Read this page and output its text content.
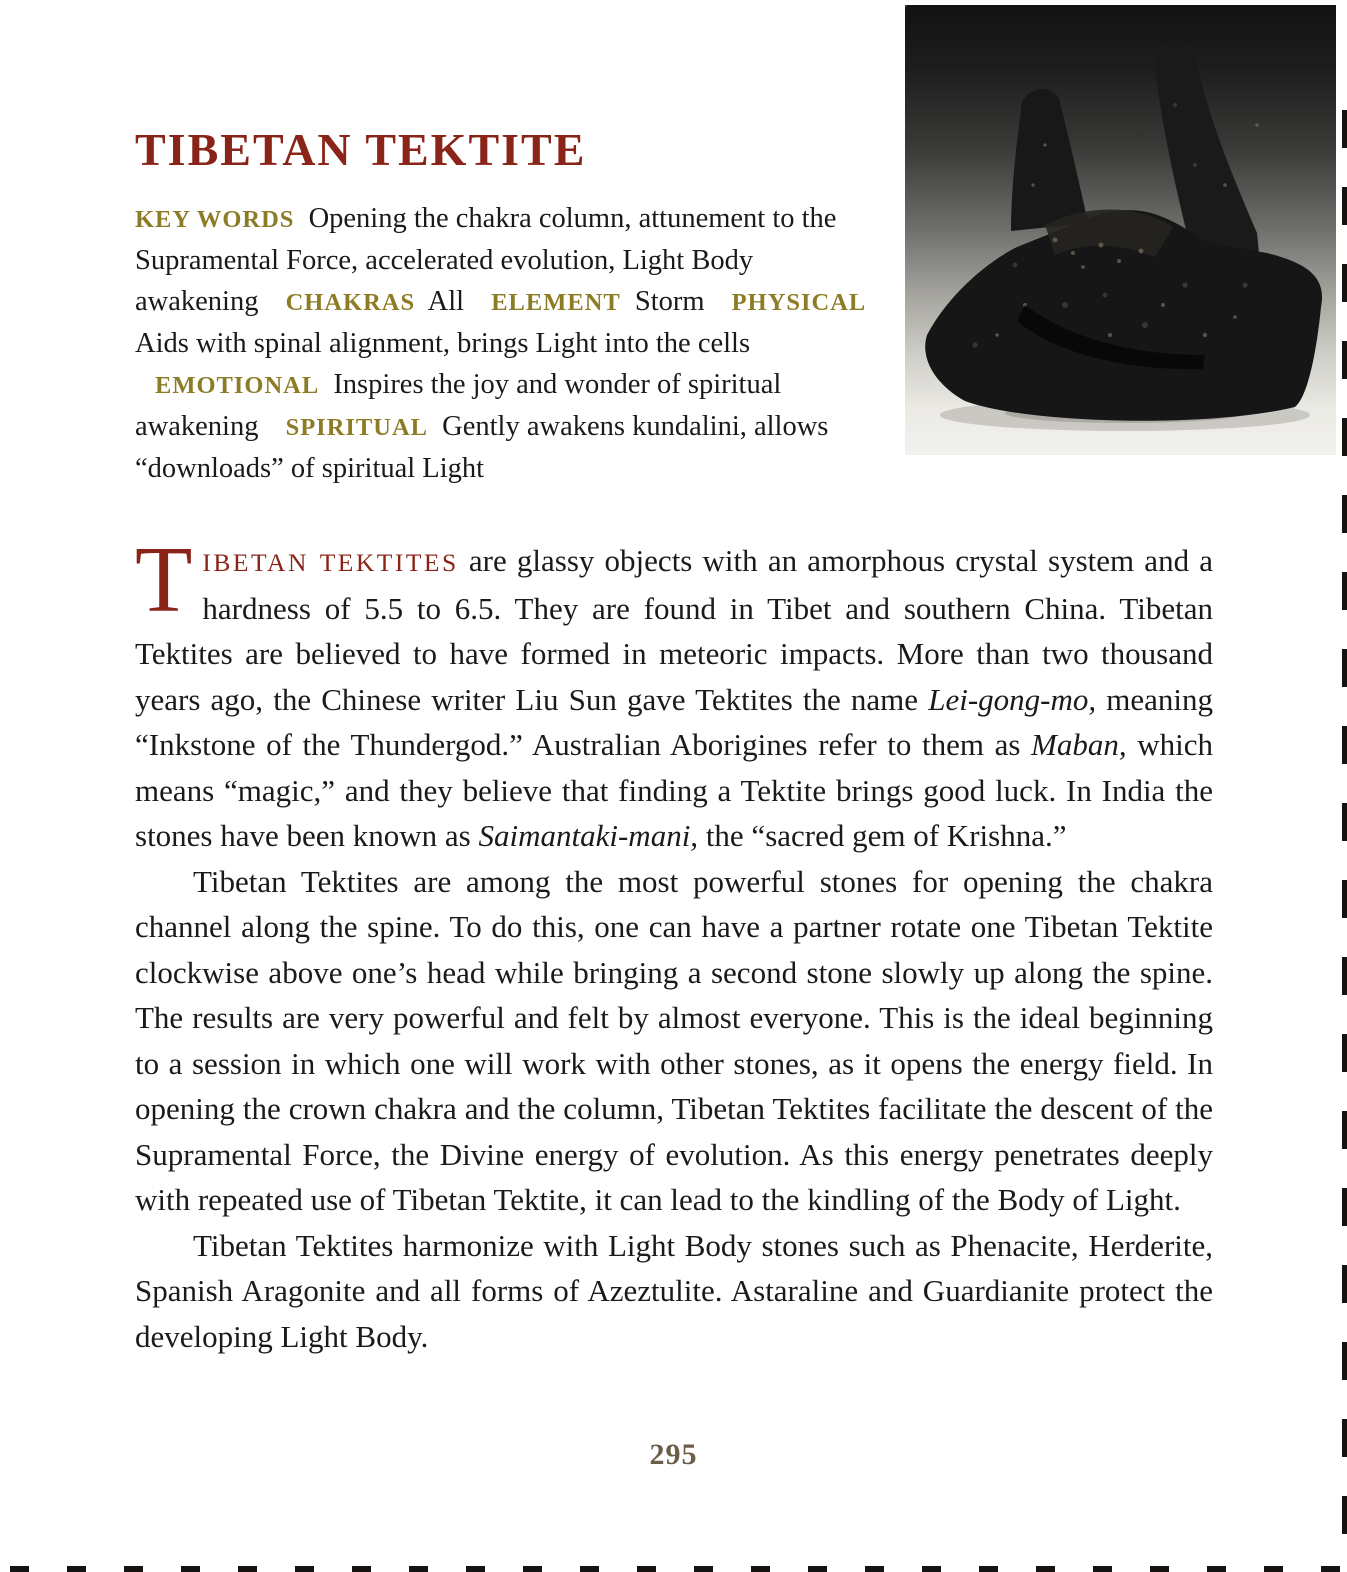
TIBETAN TEKTITE
KEY WORDS Opening the chakra column, attunement to the Supramental Force, accelerated evolution, Light Body awakening CHAKRAS All ELEMENT Storm PHYSICAL Aids with spinal alignment, brings Light into the cells EMOTIONAL Inspires the joy and wonder of spiritual awakening SPIRITUAL Gently awakens kundalini, allows “downloads” of spiritual Light

TIBETAN TEKTITES are glassy objects with an amorphous crystal system and a hardness of 5.5 to 6.5. They are found in Tibet and southern China. Tibetan Tektites are believed to have formed in meteoric impacts. More than two thousand years ago, the Chinese writer Liu Sun gave Tektites the name Lei-gong-mo, meaning “Inkstone of the Thundergod.” Australian Aborigines refer to them as Maban, which means “magic,” and they believe that finding a Tektite brings good luck. In India the stones have been known as Saimantaki-mani, the “sacred gem of Krishna.”

Tibetan Tektites are among the most powerful stones for opening the chakra channel along the spine. To do this, one can have a partner rotate one Tibetan Tektite clockwise above one’s head while bringing a second stone slowly up along the spine. The results are very powerful and felt by almost everyone. This is the ideal beginning to a session in which one will work with other stones, as it opens the energy field. In opening the crown chakra and the column, Tibetan Tektites facilitate the descent of the Supramental Force, the Divine energy of evolution. As this energy penetrates deeply with repeated use of Tibetan Tektite, it can lead to the kindling of the Body of Light.

Tibetan Tektites harmonize with Light Body stones such as Phenacite, Herderite, Spanish Aragonite and all forms of Azeztulite. Astaraline and Guardianite protect the developing Light Body.

295
